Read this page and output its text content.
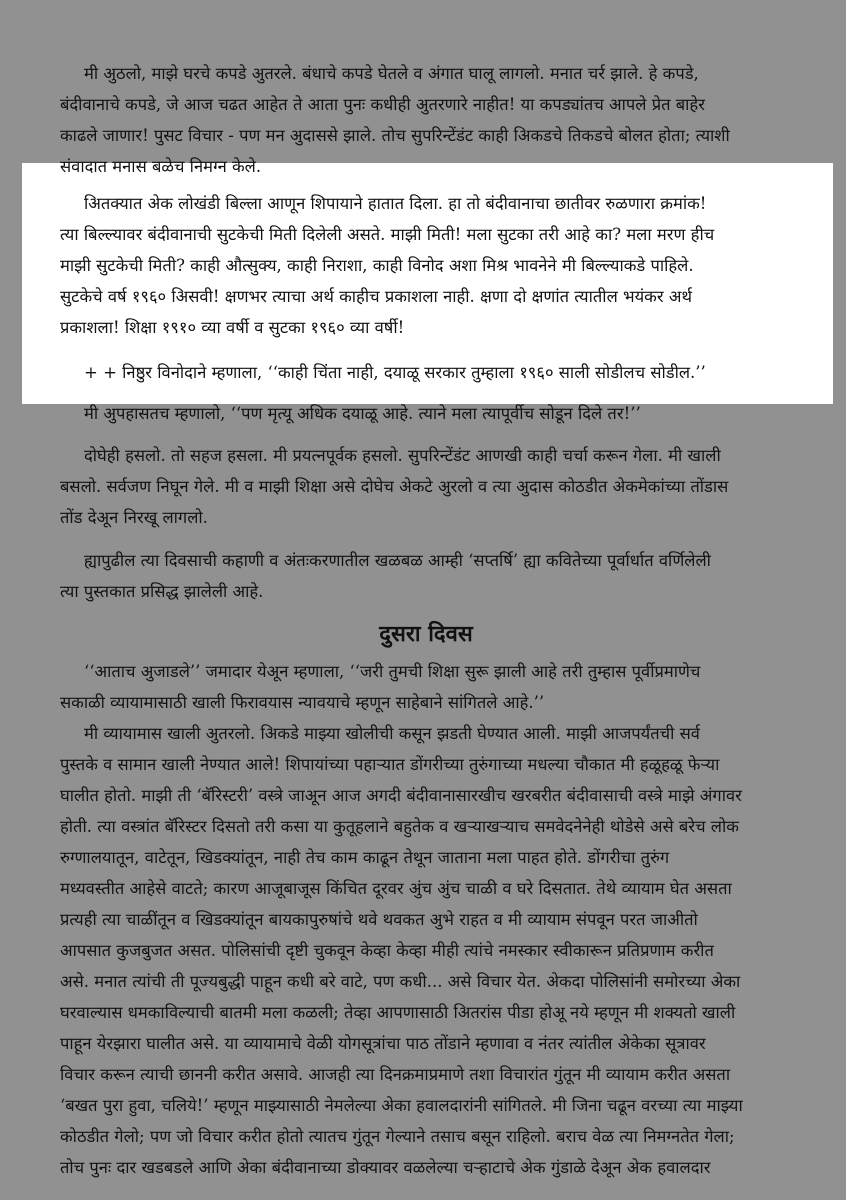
मी अुठलो, माझे घरचे कपडे अुतरले. बंधाचे कपडे घेतले व अंगात घालू लागलो. मनात चर्र झाले. हे कपडे,
बंदीवानाचे कपडे, जे आज चढत आहेत ते आता पुनः कधीही अुतरणारे नाहीत! या कपड्यांतच आपले प्रेत बाहेर
काढले जाणार! पुसट विचार - पण मन अुदाससे झाले. तोच सुपरिन्टेंडंट काही अिकडचे तिकडचे बोलत होता; त्याशी
संवादात मनास बळेच निमग्न केले.
अितक्यात अेक लोखंडी बिल्ला आणून शिपायाने हातात दिला. हा तो बंदीवानाचा छातीवर रुळणारा क्रमांक!
त्या बिल्ल्यावर बंदीवानाची सुटकेची मिती दिलेली असते. माझी मिती! मला सुटका तरी आहे का? मला मरण हीच
माझी सुटकेची मिती? काही औत्सुक्य, काही निराशा, काही विनोद अशा मिश्र भावनेने मी बिल्ल्याकडे पाहिले.
सुटकेचे वर्ष १९६० अिसवी! क्षणभर त्याचा अर्थ काहीच प्रकाशला नाही. क्षणा दो क्षणांत त्यातील भयंकर अर्थ
प्रकाशला! शिक्षा १९१० व्या वर्षी व सुटका १९६० व्या वर्षी!
+ + निष्ठुर विनोदाने म्हणाला, ‘‘काही चिंता नाही, दयाळू सरकार तुम्हाला १९६० साली सोडीलच सोडील.’’
मी अुपहासतच म्हणालो, ‘‘पण मृत्यू अधिक दयाळू आहे. त्याने मला त्यापूर्वीच सोडून दिले तर!’’
दोघेही हसलो. तो सहज हसला. मी प्रयत्नपूर्वक हसलो. सुपरिन्टेंडंट आणखी काही चर्चा करून गेला. मी खाली
बसलो. सर्वजण निघून गेले. मी व माझी शिक्षा असे दोघेच अेकटे अुरलो व त्या अुदास कोठडीत अेकमेकांच्या तोंडास
तोंड देअून निरखू लागलो.
ह्यापुढील त्या दिवसाची कहाणी व अंतःकरणातील खळबळ आम्ही ‘सप्तर्षि’ ह्या कवितेच्या पूर्वार्धात वर्णिलेली
त्या पुस्तकात प्रसिद्ध झालेली आहे.
दुसरा दिवस
‘‘आताच अुजाडले’’ जमादार येअून म्हणाला, ‘‘जरी तुमची शिक्षा सुरू झाली आहे तरी तुम्हास पूर्वीप्रमाणेच
सकाळी व्यायामासाठी खाली फिरावयास न्यावयाचे म्हणून साहेबाने सांगितले आहे.’’
मी व्यायामास खाली अुतरलो. अिकडे माझ्या खोलीची कसून झडती घेण्यात आली. माझी आजपर्यंतची सर्व
पुस्तके व सामान खाली नेण्यात आले! शिपायांच्या पहाऱ्यात डोंगरीच्या तुरुंगाच्या मधल्या चौकात मी हळूहळू फेऱ्या
घालीत होतो. माझी ती ‘बॅरिस्टरी’ वस्त्रे जाअून आज अगदी बंदीवानासारखीच खरबरीत बंदीवासाची वस्त्रे माझे अंगावर
होती. त्या वस्त्रांत बॅरिस्टर दिसतो तरी कसा या कुतूहलाने बहुतेक व खऱ्याखऱ्याच समवेदनेनेही थोडेसे असे बरेच लोक
रुग्णालयातून, वाटेतून, खिडक्यांतून, नाही तेच काम काढून तेथून जाताना मला पाहत होते. डोंगरीचा तुरुंग
मध्यवस्तीत आहेसे वाटते; कारण आजूबाजूस किंचित दूरवर अुंच अुंच चाळी व घरे दिसतात. तेथे व्यायाम घेत असता
प्रत्यही त्या चाळींतून व खिडक्यांतून बायकापुरुषांचे थवे थवकत अुभे राहत व मी व्यायाम संपवून परत जाअीतो
आपसात कुजबुजत असत. पोलिसांची दृष्टी चुकवून केव्हा केव्हा मीही त्यांचे नमस्कार स्वीकारून प्रतिप्रणाम करीत
असे. मनात त्यांची ती पूज्यबुद्धी पाहून कधी बरे वाटे, पण कधी... असे विचार येत. अेकदा पोलिसांनी समोरच्या अेका
घरवाल्यास धमकाविल्याची बातमी मला कळली; तेव्हा आपणासाठी अितरांस पीडा होअू नये म्हणून मी शक्यतो खाली
पाहून येरझारा घालीत असे. या व्यायामाचे वेळी योगसूत्रांचा पाठ तोंडाने म्हणावा व नंतर त्यांतील अेकेका सूत्रावर
विचार करून त्याची छाननी करीत असावे. आजही त्या दिनक्रमाप्रमाणे तशा विचारांत गुंतून मी व्यायाम करीत असता
‘बखत पुरा हुवा, चलिये!’ म्हणून माझ्यासाठी नेमलेल्या अेका हवालदारांनी सांगितले. मी जिना चढून वरच्या त्या माझ्या
कोठडीत गेलो; पण जो विचार करीत होतो त्यातच गुंतून गेल्याने तसाच बसून राहिलो. बराच वेळ त्या निमग्नतेत गेला;
तोच पुनः दार खडबडले आणि अेका बंदीवानाच्या डोक्यावर वळलेल्या चऱ्हाटाचे अेक गुंडाळे देअून अेक हवालदार
